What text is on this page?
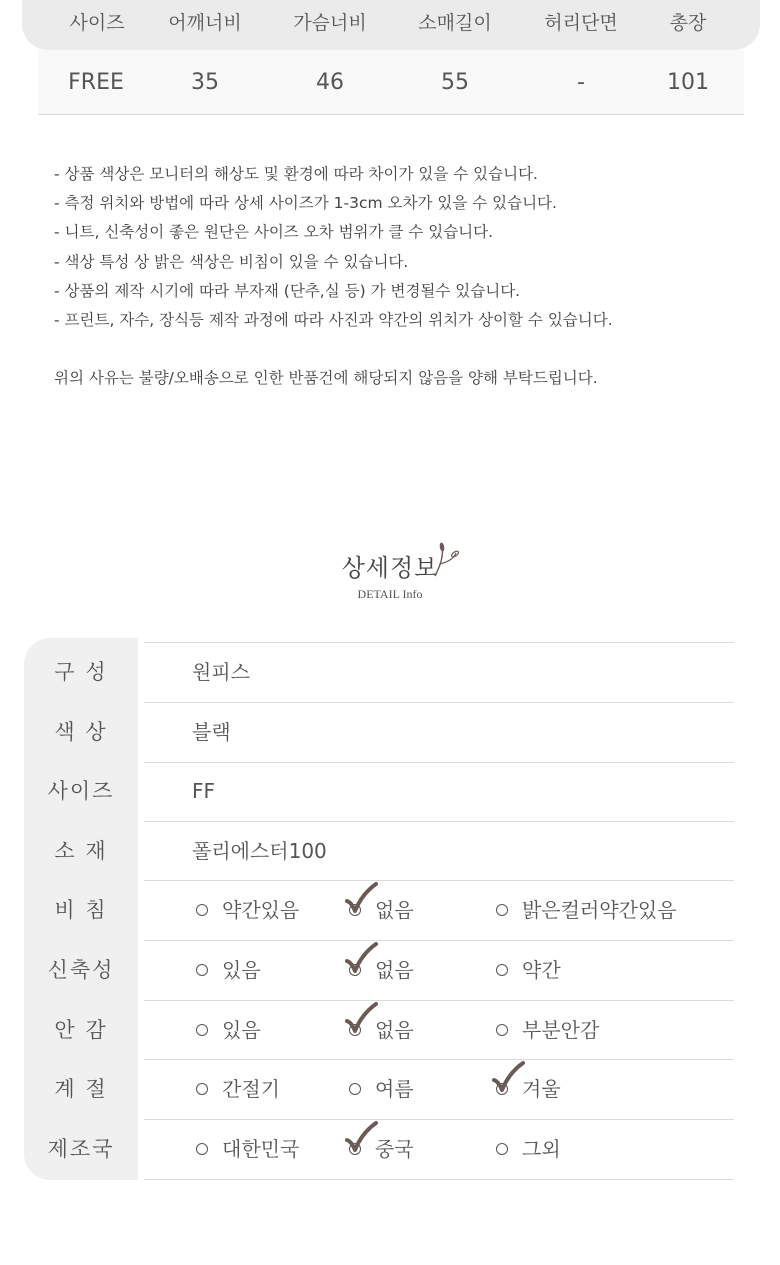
사이즈	어깨너비	가슴너비	소매길이	허리단면	총장
FREE	35	46	55	-	101
- 상품 색상은 모니터의 해상도 및 환경에 따라 차이가 있을 수 있습니다.
- 측정 위치와 방법에 따라 상세 사이즈가 1-3cm 오차가 있을 수 있습니다.
- 니트, 신축성이 좋은 원단은 사이즈 오차 범위가 클 수 있습니다.
- 색상 특성 상 밝은 색상은 비침이 있을 수 있습니다.
- 상품의 제작 시기에 따라 부자재 (단추,실 등) 가 변경될수 있습니다.
- 프린트, 자수, 장식등 제작 과정에 따라 사진과 약간의 위치가 상이할 수 있습니다.
위의 사유는 불량/오배송으로 인한 반품건에 해당되지 않음을 양해 부탁드립니다.
상세정보
DETAIL Info
구 성	원피스
색 상	블랙
사이즈	FF
소 재	폴리에스터100
비 침	약간있음	없음	밝은컬러약간있음
신축성	있음	없음	약간
안 감	있음	없음	부분안감
계 절	간절기	여름	겨울
제조국	대한민국	중국	그외
